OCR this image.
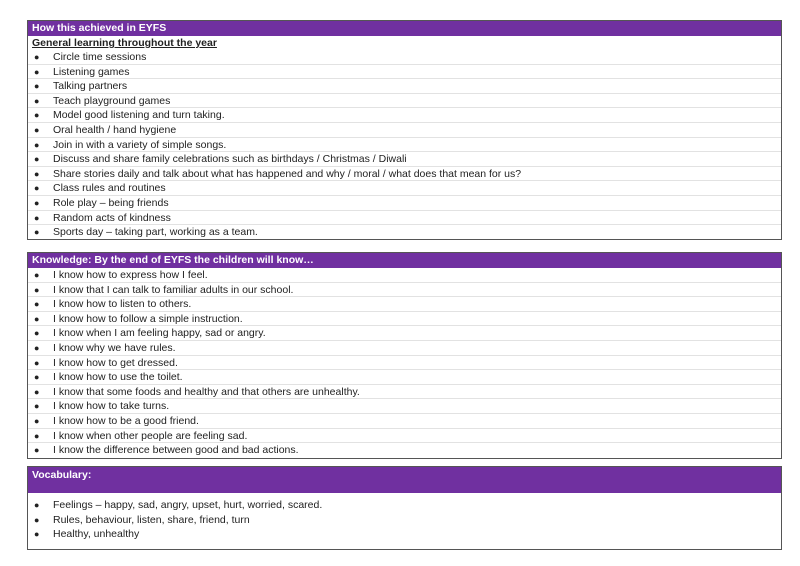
How this achieved in EYFS
General learning throughout the year
● Circle time sessions
● Listening games
● Talking partners
● Teach playground games
● Model good listening and turn taking.
● Oral health / hand hygiene
● Join in with a variety of simple songs.
● Discuss and share family celebrations such as birthdays / Christmas / Diwali
● Share stories daily and talk about what has happened and why / moral / what does that mean for us?
● Class rules and routines
● Role play – being friends
● Random acts of kindness
● Sports day – taking part, working as a team.
Knowledge: By the end of EYFS the children will know…
● I know how to express how I feel.
● I know that I can talk to familiar adults in our school.
● I know how to listen to others.
● I know how to follow a simple instruction.
● I know when I am feeling happy, sad or angry.
● I know why we have rules.
● I know how to get dressed.
● I know how to use the toilet.
● I know that some foods and healthy and that others are unhealthy.
● I know how to take turns.
● I know how to be a good friend.
● I know when other people are feeling sad.
● I know the difference between good and bad actions.
Vocabulary:
● Feelings – happy, sad, angry, upset, hurt, worried, scared.
● Rules, behaviour, listen, share, friend, turn
● Healthy, unhealthy
